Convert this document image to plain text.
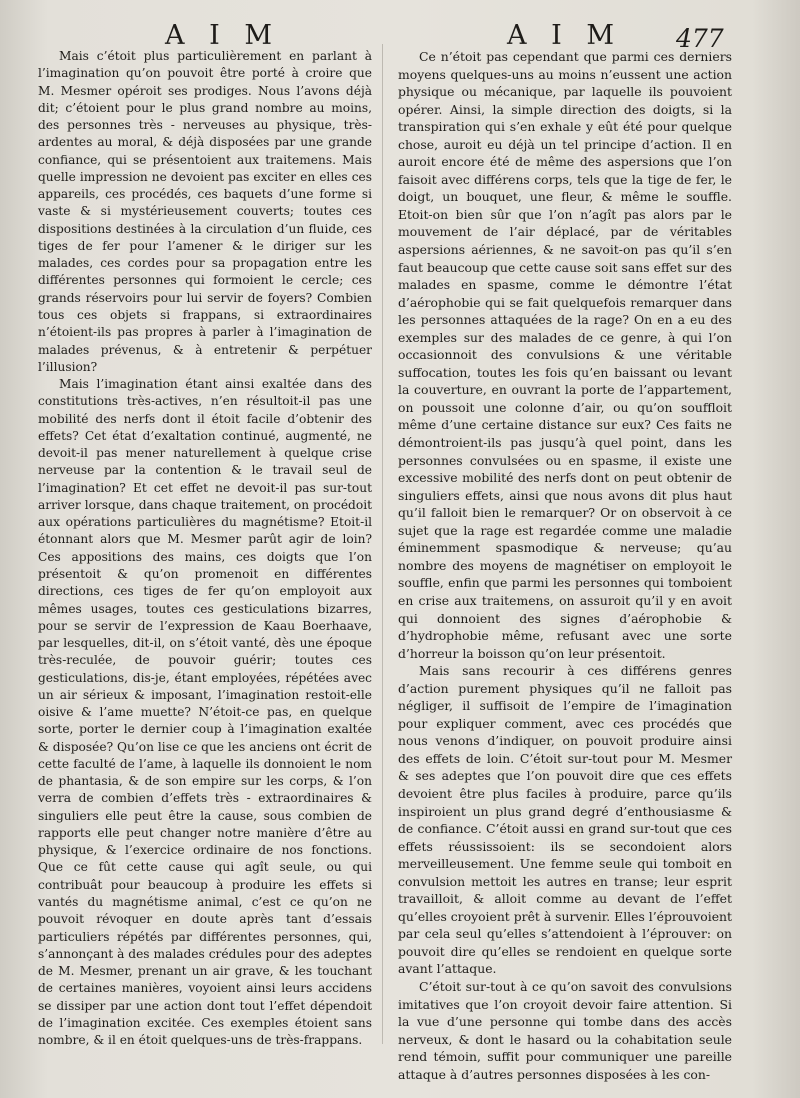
A I M	A I M 477

Mais c’étoit plus particulièrement en parlant à l’imagination qu’on pouvoit être porté à croire que M. Mesmer opéroit ses prodiges. Nous l’avons déjà dit; c’étoient pour le plus grand nombre au moins, des personnes très - nerveuses au physique, très-ardentes au moral, & déjà disposées par une grande confiance, qui se présentoient aux traitemens. Mais quelle impression ne devoient pas exciter en elles ces appareils, ces procédés, ces baquets d’une forme si vaste & si mystérieusement couverts; toutes ces dispositions destinées à la circulation d’un fluide, ces tiges de fer pour l’amener & le diriger sur les malades, ces cordes pour sa propagation entre les différentes personnes qui formoient le cercle; ces grands réservoirs pour lui servir de foyers? Combien tous ces objets si frappans, si extraordinaires n’étoient-ils pas propres à parler à l’imagination de malades prévenus, & à entretenir & perpétuer l’illusion?

Mais l’imagination étant ainsi exaltée dans des constitutions très-actives, n’en résultoit-il pas une mobilité des nerfs dont il étoit facile d’obtenir des effets? Cet état d’exaltation continué, augmenté, ne devoit-il pas mener naturellement à quelque crise nerveuse par la contention & le travail seul de l’imagination? Et cet effet ne devoit-il pas sur-tout arriver lorsque, dans chaque traitement, on procédoit aux opérations particulières du magnétisme? Etoit-il étonnant alors que M. Mesmer parût agir de loin? Ces appositions des mains, ces doigts que l’on présentoit & qu’on promenoit en différentes directions, ces tiges de fer qu’on employoit aux mêmes usages, toutes ces gesticulations bizarres, pour se servir de l’expression de Kaau Boerhaave, par lesquelles, dit-il, on s’étoit vanté, dès une époque très-reculée, de pouvoir guérir; toutes ces gesticulations, dis-je, étant employées, répétées avec un air sérieux & imposant, l’imagination restoit-elle oisive & l’ame muette? N’étoit-ce pas, en quelque sorte, porter le dernier coup à l’imagination exaltée & disposée? Qu’on lise ce que les anciens ont écrit de cette faculté de l’ame, à laquelle ils donnoient le nom de phantasia, & de son empire sur les corps, & l’on verra de combien d’effets très - extraordinaires & singuliers elle peut être la cause, sous combien de rapports elle peut changer notre manière d’être au physique, & l’exercice ordinaire de nos fonctions. Que ce fût cette cause qui agît seule, ou qui contribuât pour beaucoup à produire les effets si vantés du magnétisme animal, c’est ce qu’on ne pouvoit révoquer en doute après tant d’essais particuliers répétés par différentes personnes, qui, s’annonçant à des malades crédules pour des adeptes de M. Mesmer, prenant un air grave, & les touchant de certaines manières, voyoient ainsi leurs accidens se dissiper par une action dont tout l’effet dépendoit de l’imagination excitée. Ces exemples étoient sans nombre, & il en étoit quelques-uns de très-frappans.

Ce n’étoit pas cependant que parmi ces derniers moyens quelques-uns au moins n’eussent une action physique ou mécanique, par laquelle ils pouvoient opérer. Ainsi, la simple direction des doigts, si la transpiration qui s’en exhale y eût été pour quelque chose, auroit eu déjà un tel principe d’action. Il en auroit encore été de même des aspersions que l’on faisoit avec différens corps, tels que la tige de fer, le doigt, un bouquet, une fleur, & même le souffle. Etoit-on bien sûr que l’on n’agît pas alors par le mouvement de l’air déplacé, par de véritables aspersions aériennes, & ne savoit-on pas qu’il s’en faut beaucoup que cette cause soit sans effet sur des malades en spasme, comme le démontre l’état d’aérophobie qui se fait quelquefois remarquer dans les personnes attaquées de la rage? On en a eu des exemples sur des malades de ce genre, à qui l’on occasionnoit des convulsions & une véritable suffocation, toutes les fois qu’en baissant ou levant la couverture, en ouvrant la porte de l’appartement, on poussoit une colonne d’air, ou qu’on souffloit même d’une certaine distance sur eux? Ces faits ne démontroient-ils pas jusqu’à quel point, dans les personnes convulsées ou en spasme, il existe une excessive mobilité des nerfs dont on peut obtenir de singuliers effets, ainsi que nous avons dit plus haut qu’il falloit bien le remarquer? Or on observoit à ce sujet que la rage est regardée comme une maladie éminemment spasmodique & nerveuse; qu’au nombre des moyens de magnétiser on employoit le souffle, enfin que parmi les personnes qui tomboient en crise aux traitemens, on assuroit qu’il y en avoit qui donnoient des signes d’aérophobie & d’hydrophobie même, refusant avec une sorte d’horreur la boisson qu’on leur présentoit.

Mais sans recourir à ces différens genres d’action purement physiques qu’il ne falloit pas négliger, il suffisoit de l’empire de l’imagination pour expliquer comment, avec ces procédés que nous venons d’indiquer, on pouvoit produire ainsi des effets de loin. C’étoit sur-tout pour M. Mesmer & ses adeptes que l’on pouvoit dire que ces effets devoient être plus faciles à produire, parce qu’ils inspiroient un plus grand degré d’enthousiasme & de confiance. C’étoit aussi en grand sur-tout que ces effets réussissoient: ils se secondoient alors merveilleusement. Une femme seule qui tomboit en convulsion mettoit les autres en transe; leur esprit travailloit, & alloit comme au devant de l’effet qu’elles croyoient prêt à survenir. Elles l’éprouvoient par cela seul qu’elles s’attendoient à l’éprouver: on pouvoit dire qu’elles se rendoient en quelque sorte avant l’attaque.

C’étoit sur-tout à ce qu’on savoit des convulsions imitatives que l’on croyoit devoir faire attention. Si la vue d’une personne qui tombe dans des accès nerveux, & dont le hasard ou la cohabitation seule rend témoin, suffit pour communiquer une pareille attaque à d’autres personnes disposées à les con-
